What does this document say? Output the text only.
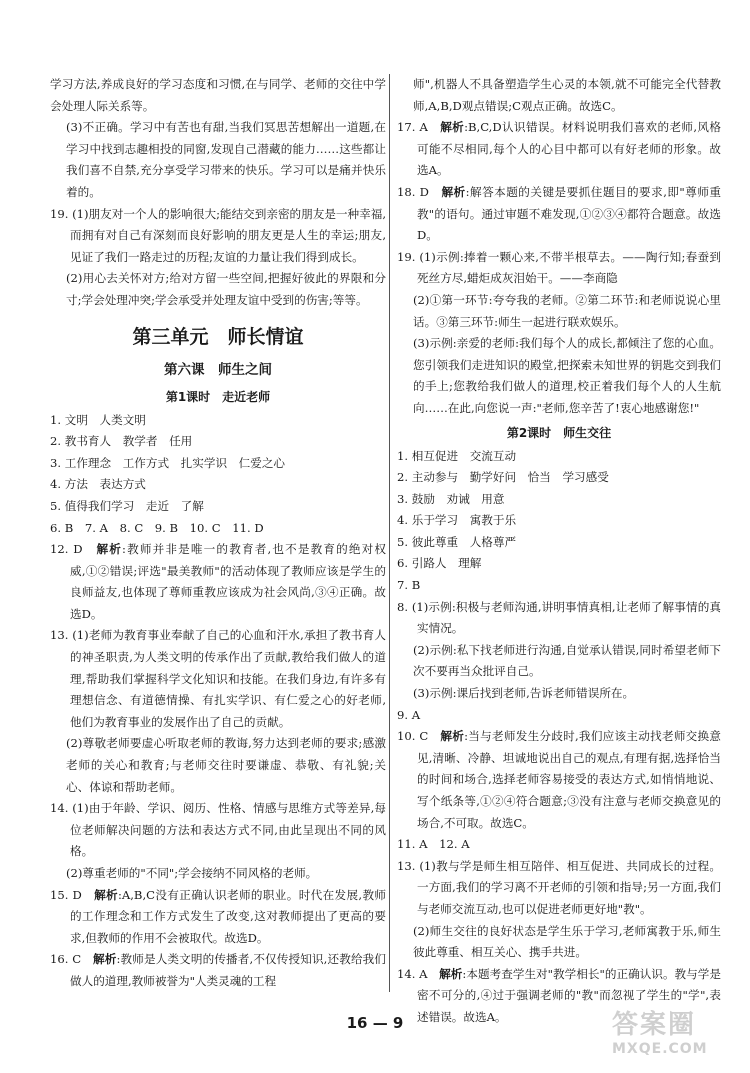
学习方法,养成良好的学习态度和习惯,在与同学、老师的交往中学会处理人际关系等。

(3)不正确。学习中有苦也有甜,当我们冥思苦想解出一道题,在学习中找到志趣相投的同窗,发现自己潜藏的能力……这些都让我们喜不自禁,充分享受学习带来的快乐。学习可以是痛并快乐着的。

19. (1)朋友对一个人的影响很大;能结交到亲密的朋友是一种幸福,而拥有对自己有深刻而良好影响的朋友更是人生的幸运;朋友,见证了我们一路走过的历程;友谊的力量让我们得到成长。

(2)用心去关怀对方;给对方留一些空间,把握好彼此的界限和分寸;学会处理冲突;学会承受并处理友谊中受到的伤害;等等。

第三单元　师长情谊
第六课　师生之间
第1课时　走近老师

1. 文明　人类文明

2. 教书育人　教学者　任用

3. 工作理念　工作方式　扎实学识　仁爱之心

4. 方法　表达方式

5. 值得我们学习　走近　了解

6. B　7. A　8. C　9. B　10. C　11. D

12. D　解析:教师并非是唯一的教育者,也不是教育的绝对权威,①②错误;评选"最美教师"的活动体现了教师应该是学生的良师益友,也体现了尊师重教应该成为社会风尚,③④正确。故选D。

13. (1)老师为教育事业奉献了自己的心血和汗水,承担了教书育人的神圣职责,为人类文明的传承作出了贡献,教给我们做人的道理,帮助我们掌握科学文化知识和技能。在我们身边,有许多有理想信念、有道德情操、有扎实学识、有仁爱之心的好老师,他们为教育事业的发展作出了自己的贡献。

(2)尊敬老师要虚心听取老师的教诲,努力达到老师的要求;感激老师的关心和教育;与老师交往时要谦虚、恭敬、有礼貌;关心、体谅和帮助老师。

14. (1)由于年龄、学识、阅历、性格、情感与思维方式等差异,每位老师解决问题的方法和表达方式不同,由此呈现出不同的风格。

(2)尊重老师的"不同";学会接纳不同风格的老师。

15. D　解析:A,B,C没有正确认识老师的职业。时代在发展,教师的工作理念和工作方式发生了改变,这对教师提出了更高的要求,但教师的作用不会被取代。故选D。

16. C　解析:教师是人类文明的传播者,不仅传授知识,还教给我们做人的道理,教师被誉为"人类灵魂的工程

师",机器人不具备塑造学生心灵的本领,就不可能完全代替教师,A,B,D观点错误;C观点正确。故选C。

17. A　解析:B,C,D认识错误。材料说明我们喜欢的老师,风格可能不尽相同,每个人的心目中都可以有好老师的形象。故选A。

18. D　解析:解答本题的关键是要抓住题目的要求,即"尊师重教"的语句。通过审题不难发现,①②③④都符合题意。故选D。

19. (1)示例:捧着一颗心来,不带半根草去。——陶行知;春蚕到死丝方尽,蜡炬成灰泪始干。——李商隐

(2)①第一环节:夸夸我的老师。②第二环节:和老师说说心里话。③第三环节:师生一起进行联欢娱乐。

(3)示例:亲爱的老师:我们每个人的成长,都倾注了您的心血。您引领我们走进知识的殿堂,把探索未知世界的钥匙交到我们的手上;您教给我们做人的道理,校正着我们每个人的人生航向……在此,向您说一声:"老师,您辛苦了!衷心地感谢您!"

第2课时　师生交往

1. 相互促进　交流互动

2. 主动参与　勤学好问　恰当　学习感受

3. 鼓励　劝诫　用意

4. 乐于学习　寓教于乐

5. 彼此尊重　人格尊严

6. 引路人　理解

7. B

8. (1)示例:积极与老师沟通,讲明事情真相,让老师了解事情的真实情况。

(2)示例:私下找老师进行沟通,自觉承认错误,同时希望老师下次不要再当众批评自己。

(3)示例:课后找到老师,告诉老师错误所在。

9. A

10. C　解析:当与老师发生分歧时,我们应该主动找老师交换意见,清晰、冷静、坦诚地说出自己的观点,有理有据,选择恰当的时间和场合,选择老师容易接受的表达方式,如悄悄地说、写个纸条等,①②④符合题意;③没有注意与老师交换意见的场合,不可取。故选C。

11. A　12. A

13. (1)教与学是师生相互陪伴、相互促进、共同成长的过程。一方面,我们的学习离不开老师的引领和指导;另一方面,我们与老师交流互动,也可以促进老师更好地"教"。

(2)师生交往的良好状态是学生乐于学习,老师寓教于乐,师生彼此尊重、相互关心、携手共进。

14. A　解析:本题考查学生对"教学相长"的正确认识。教与学是密不可分的,④过于强调老师的"教"而忽视了学生的"学",表述错误。故选A。

16 — 9	答案圈
MXQE.COM
